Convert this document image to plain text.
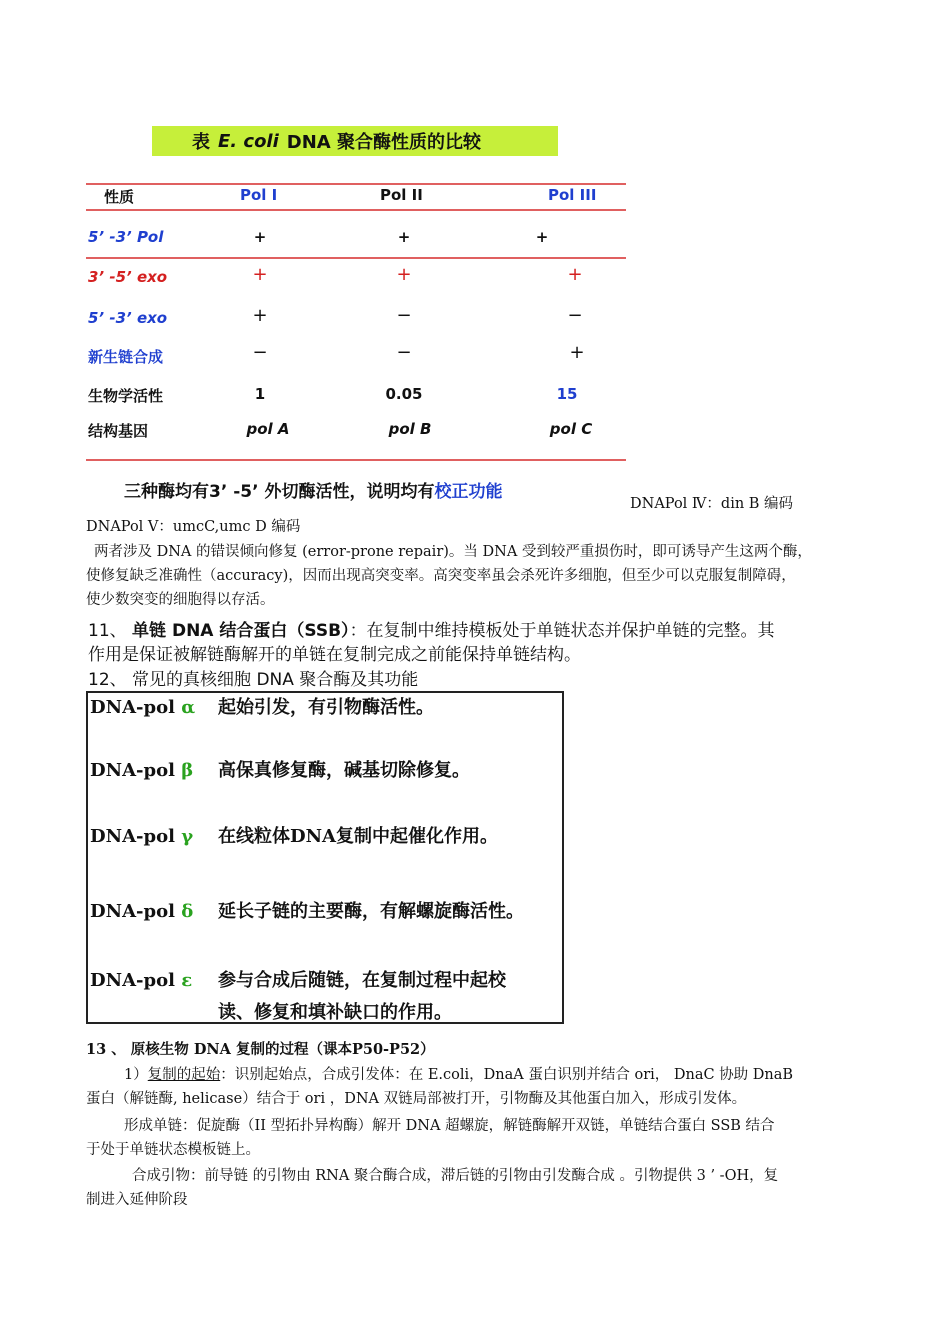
表 E. coli DNA 聚合酶性质的比较
性质	Pol I	Pol II	Pol III
5’ -3’ Pol	+	+	+
3’ -5’ exo	+	+	+
5’ -3’ exo	+	−	−
新生链合成	−	−	+
生物学活性	1	0.05	15
结构基因	pol A	pol B	pol C
三种酶均有3’ -5’ 外切酶活性，说明均有校正功能
DNAPol Ⅳ：din B 编码
DNAPol Ⅴ：umcC,umc D 编码
两者涉及 DNA 的错误倾向修复 (error-prone repair)。当 DNA 受到较严重损伤时，即可诱导产生这两个酶，
使修复缺乏准确性（accuracy)，因而出现高突变率。高突变率虽会杀死许多细胞，但至少可以克服复制障碍，
使少数突变的细胞得以存活。
11、 单链 DNA 结合蛋白（SSB）：在复制中维持模板处于单链状态并保护单链的完整。其
作用是保证被解链酶解开的单链在复制完成之前能保持单链结构。
12、 常见的真核细胞 DNA 聚合酶及其功能
DNA-pol α 起始引发，有引物酶活性。
DNA-pol β 高保真修复酶，碱基切除修复。
DNA-pol γ 在线粒体DNA复制中起催化作用。
DNA-pol δ 延长子链的主要酶，有解螺旋酶活性。
DNA-pol ε 参与合成后随链，在复制过程中起校
读、修复和填补缺口的作用。
13 、 原核生物 DNA 复制的过程（课本P50-P52）
1）复制的起始：识别起始点，合成引发体：在 E.coli，DnaA 蛋白识别并结合 ori， DnaC 协助 DnaB
蛋白（解链酶, helicase）结合于 ori ，DNA 双链局部被打开，引物酶及其他蛋白加入，形成引发体。
形成单链：促旋酶（II 型拓扑异构酶）解开 DNA 超螺旋，解链酶解开双链，单链结合蛋白 SSB 结合
于处于单链状态模板链上。
合成引物：前导链 的引物由 RNA 聚合酶合成，滞后链的引物由引发酶合成 。引物提供 3 ’ -OH，复
制进入延伸阶段
